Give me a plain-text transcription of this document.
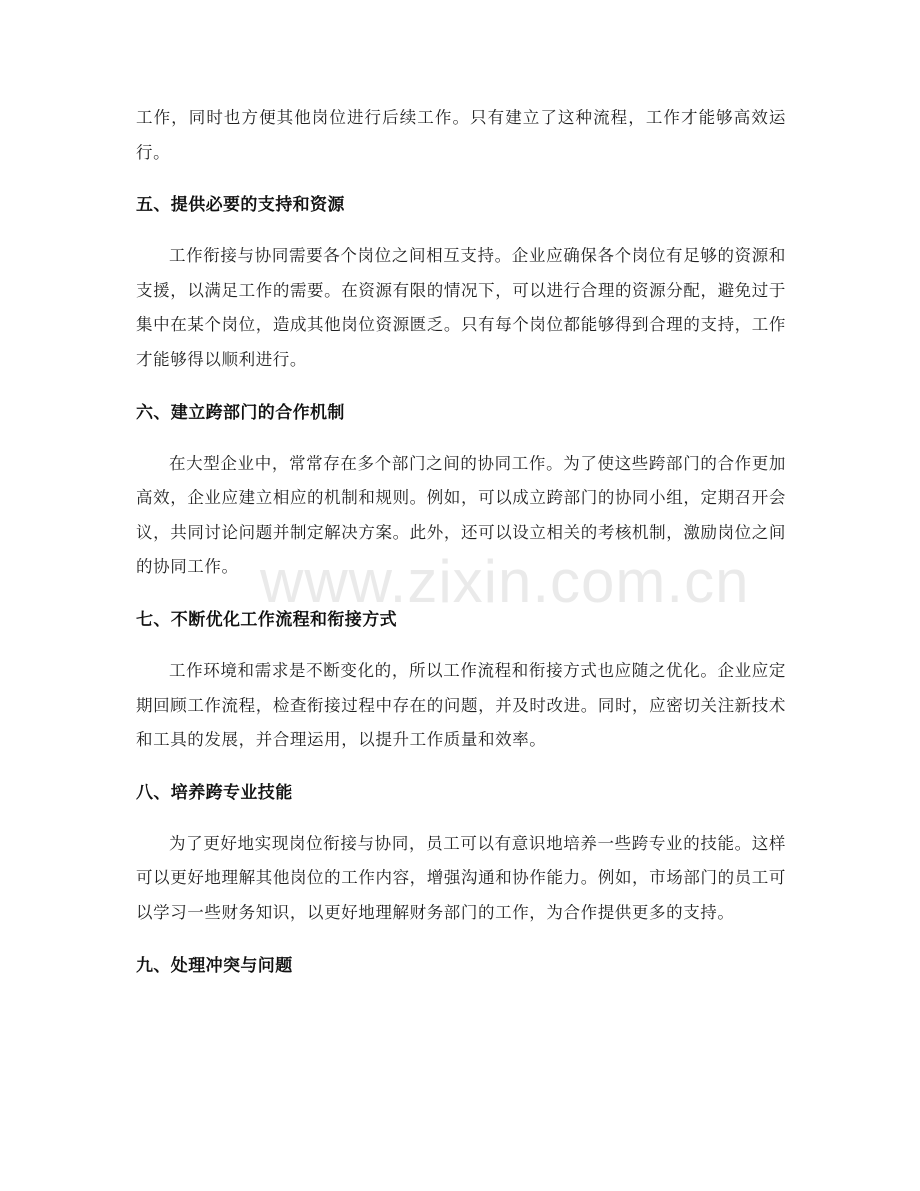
工作，同时也方便其他岗位进行后续工作。只有建立了这种流程，工作才能够高效运行。

五、提供必要的支持和资源

工作衔接与协同需要各个岗位之间相互支持。企业应确保各个岗位有足够的资源和支援，以满足工作的需要。在资源有限的情况下，可以进行合理的资源分配，避免过于集中在某个岗位，造成其他岗位资源匮乏。只有每个岗位都能够得到合理的支持，工作才能够得以顺利进行。

六、建立跨部门的合作机制

在大型企业中，常常存在多个部门之间的协同工作。为了使这些跨部门的合作更加高效，企业应建立相应的机制和规则。例如，可以成立跨部门的协同小组，定期召开会议，共同讨论问题并制定解决方案。此外，还可以设立相关的考核机制，激励岗位之间的协同工作。

七、不断优化工作流程和衔接方式

工作环境和需求是不断变化的，所以工作流程和衔接方式也应随之优化。企业应定期回顾工作流程，检查衔接过程中存在的问题，并及时改进。同时，应密切关注新技术和工具的发展，并合理运用，以提升工作质量和效率。

八、培养跨专业技能

为了更好地实现岗位衔接与协同，员工可以有意识地培养一些跨专业的技能。这样可以更好地理解其他岗位的工作内容，增强沟通和协作能力。例如，市场部门的员工可以学习一些财务知识，以更好地理解财务部门的工作，为合作提供更多的支持。

九、处理冲突与问题
www.zixin.com.cn
